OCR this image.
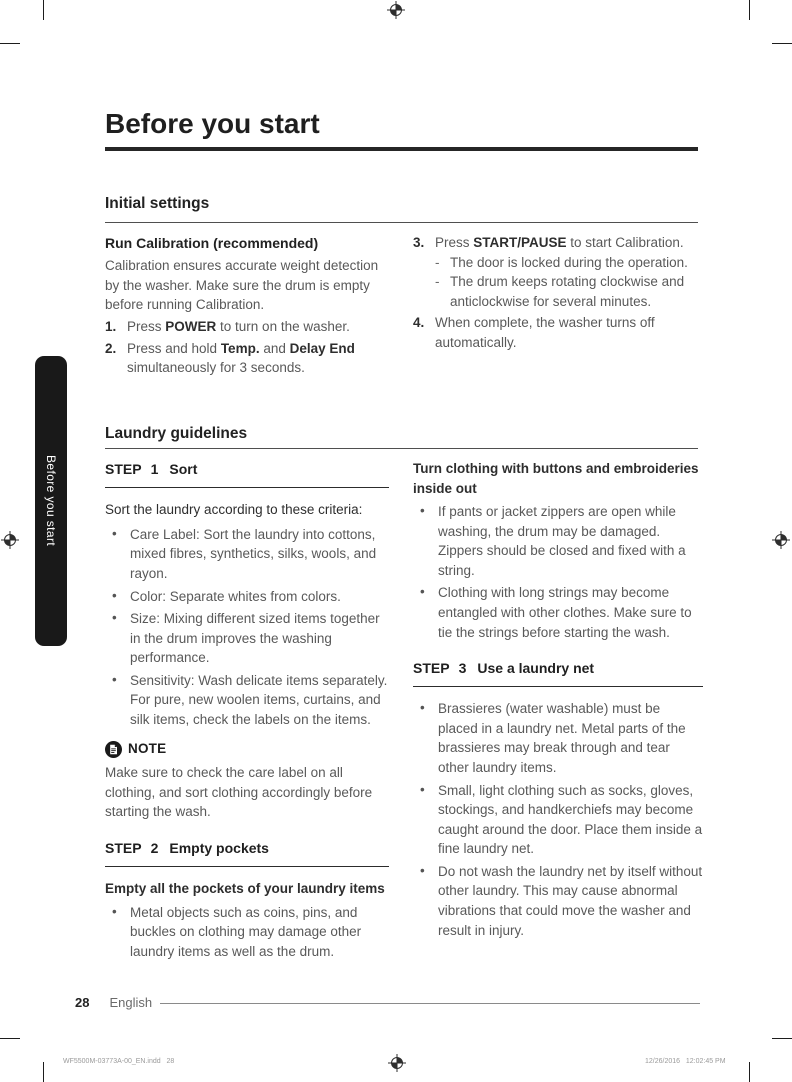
Before you start
Before you start
Initial settings

Run Calibration (recommended)

Calibration ensures accurate weight detection by the washer. Make sure the drum is empty before running Calibration.

1. Press POWER to turn on the washer.
2. Press and hold Temp. and Delay End simultaneously for 3 seconds.
3. Press START/PAUSE to start Calibration.
- The door is locked during the operation.
- The drum keeps rotating clockwise and anticlockwise for several minutes.
4. When complete, the washer turns off automatically.
Laundry guidelines
STEP 1 Sort

Sort the laundry according to these criteria:

• Care Label: Sort the laundry into cottons, mixed fibres, synthetics, silks, wools, and rayon.
• Color: Separate whites from colors.
• Size: Mixing different sized items together in the drum improves the washing performance.
• Sensitivity: Wash delicate items separately. For pure, new woolen items, curtains, and silk items, check the labels on the items.
NOTE

Make sure to check the care label on all clothing, and sort clothing accordingly before starting the wash.

STEP 2 Empty pockets

Empty all the pockets of your laundry items

• Metal objects such as coins, pins, and buckles on clothing may damage other laundry items as well as the drum.

Turn clothing with buttons and embroideries inside out

• If pants or jacket zippers are open while washing, the drum may be damaged. Zippers should be closed and fixed with a string.
• Clothing with long strings may become entangled with other clothes. Make sure to tie the strings before starting the wash.
STEP 3 Use a laundry net
• Brassieres (water washable) must be placed in a laundry net. Metal parts of the brassieres may break through and tear other laundry items.
• Small, light clothing such as socks, gloves, stockings, and handkerchiefs may become caught around the door. Place them inside a fine laundry net.
• Do not wash the laundry net by itself without other laundry. This may cause abnormal vibrations that could move the washer and result in injury.
28 English
WF5500M-03773A-00_EN.indd   28	12/26/2016   12:02:45 PM
